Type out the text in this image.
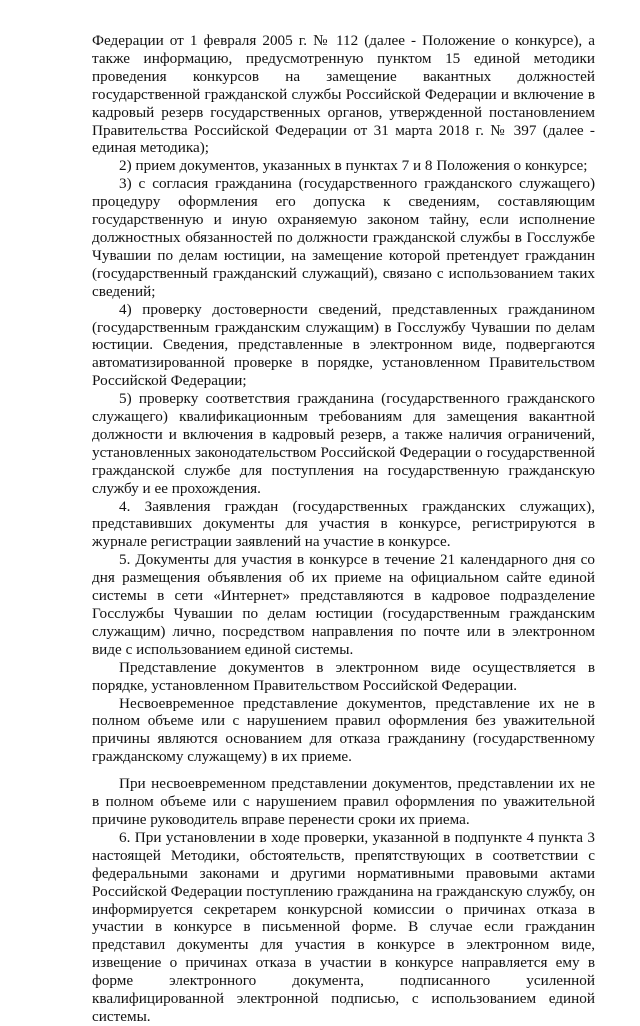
Федерации от 1 февраля 2005 г. № 112 (далее - Положение о конкурсе), а также информацию, предусмотренную пунктом 15 единой методики проведения конкурсов на замещение вакантных должностей государственной гражданской службы Российской Федерации и включение в кадровый резерв государственных органов, утвержденной постановлением Правительства Российской Федерации от 31 марта 2018 г. № 397 (далее - единая методика);

2) прием документов, указанных в пунктах 7 и 8 Положения о конкурсе;

3) с согласия гражданина (государственного гражданского служащего) процедуру оформления его допуска к сведениям, составляющим государственную и иную охраняемую законом тайну, если исполнение должностных обязанностей по должности гражданской службы в Госслужбе Чувашии по делам юстиции, на замещение которой претендует гражданин (государственный гражданский служащий), связано с использованием таких сведений;

4) проверку достоверности сведений, представленных гражданином (государственным гражданским служащим) в Госслужбу Чувашии по делам юстиции. Сведения, представленные в электронном виде, подвергаются автоматизированной проверке в порядке, установленном Правительством Российской Федерации;

5) проверку соответствия гражданина (государственного гражданского служащего) квалификационным требованиям для замещения вакантной должности и включения в кадровый резерв, а также наличия ограничений, установленных законодательством Российской Федерации о государственной гражданской службе для поступления на государственную гражданскую службу и ее прохождения.

4. Заявления граждан (государственных гражданских служащих), представивших документы для участия в конкурсе, регистрируются в журнале регистрации заявлений на участие в конкурсе.

5. Документы для участия в конкурсе в течение 21 календарного дня со дня размещения объявления об их приеме на официальном сайте единой системы в сети «Интернет» представляются в кадровое подразделение Госслужбы Чувашии по делам юстиции (государственным гражданским служащим) лично, посредством направления по почте или в электронном виде с использованием единой системы.

Представление документов в электронном виде осуществляется в порядке, установленном Правительством Российской Федерации.

Несвоевременное представление документов, представление их не в полном объеме или с нарушением правил оформления без уважительной причины являются основанием для отказа гражданину (государственному гражданскому служащему) в их приеме.

При несвоевременном представлении документов, представлении их не в полном объеме или с нарушением правил оформления по уважительной причине руководитель вправе перенести сроки их приема.

6. При установлении в ходе проверки, указанной в подпункте 4 пункта 3 настоящей Методики, обстоятельств, препятствующих в соответствии с федеральными законами и другими нормативными правовыми актами Российской Федерации поступлению гражданина на гражданскую службу, он информируется секретарем конкурсной комиссии о причинах отказа в участии в конкурсе в письменной форме. В случае если гражданин представил документы для участия в конкурсе в электронном виде, извещение о причинах отказа в участии в конкурсе направляется ему в форме электронного документа, подписанного усиленной квалифицированной электронной подписью, с использованием единой системы.
